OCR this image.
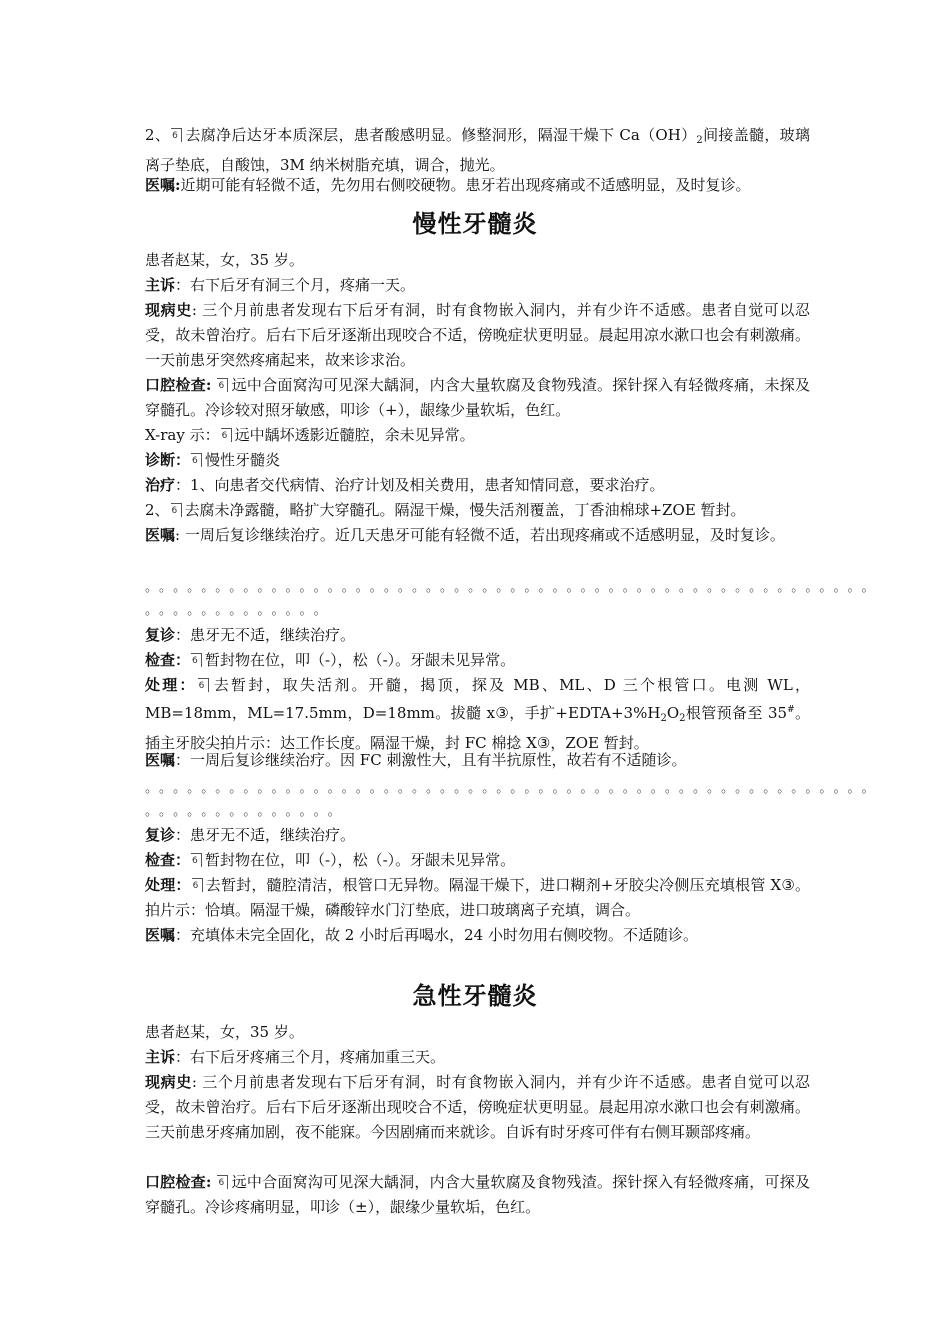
2、 6 去腐净后达牙本质深层，患者酸感明显。修整洞形，隔湿干燥下 $Ca(OH)_2$间接盖髓，玻璃离子垫底，自酸蚀，3M 纳米树脂充填，调合，抛光。

医嘱:近期可能有轻微不适，先勿用右侧咬硬物。患牙若出现疼痛或不适感明显，及时复诊。

慢性牙髓炎

患者赵某，女，35 岁。

主诉：右下后牙有洞三个月，疼痛一天。

现病史: 三个月前患者发现右下后牙有洞，时有食物嵌入洞内，并有少许不适感。患者自觉可以忍受，故未曾治疗。后右下后牙逐渐出现咬合不适，傍晚症状更明显。晨起用凉水漱口也会有刺激痛。一天前患牙突然疼痛起来，故来诊求治。

口腔检查: 6 远中合面窝沟可见深大龋洞，内含大量软腐及食物残渣。探针探入有轻微疼痛，未探及穿髓孔。冷诊较对照牙敏感，叩诊（+），龈缘少量软垢，色红。

X-ray 示： 6 远中龋坏透影近髓腔，余未见异常。

诊断： 6 慢性牙髓炎

治疗：1、向患者交代病情、治疗计划及相关费用，患者知情同意，要求治疗。

2、 6 去腐未净露髓，略扩大穿髓孔。隔湿干燥，慢失活剂覆盖，丁香油棉球+ZOE 暂封。

医嘱: 一周后复诊继续治疗。近几天患牙可能有轻微不适，若出现疼痛或不适感明显，及时复诊。

。。。。。。。。。。。。。。。。。。。。。。。。。。。。。。。。。。。。。。。。。。。。。。。。。。。。
。。。。。。。。。。。。。

复诊：患牙无不适，继续治疗。

检查： 6 暂封物在位，叩（-），松（-）。牙龈未见异常。

处理： 6 去暂封，取失活剂。开髓，揭顶，探及 MB、ML、D 三个根管口。电测 WL，MB=18mm，ML=17.5mm，D=18mm。拔髓 x③，手扩$+EDTA+3\%H_2O_2$根管预备至 35#。插主牙胶尖拍片示：达工作长度。隔湿干燥，封 FC 棉捻 X③，ZOE 暂封。

医嘱：一周后复诊继续治疗。因 FC 刺激性大，且有半抗原性，故若有不适随诊。

。。。。。。。。。。。。。。。。。。。。。。。。。。。。。。。。。。。。。。。。。。。。。。。。。。。。
。。。。。。。。。。。。。。

复诊：患牙无不适，继续治疗。

检查： 6 暂封物在位，叩（-），松（-）。牙龈未见异常。

处理： 6 去暂封，髓腔清洁，根管口无异物。隔湿干燥下，进口糊剂+牙胶尖冷侧压充填根管 X③。拍片示：恰填。隔湿干燥，磷酸锌水门汀垫底，进口玻璃离子充填，调合。

医嘱：充填体未完全固化，故 2 小时后再喝水，24 小时勿用右侧咬物。不适随诊。

急性牙髓炎

患者赵某，女，35 岁。

主诉：右下后牙疼痛三个月，疼痛加重三天。

现病史: 三个月前患者发现右下后牙有洞，时有食物嵌入洞内，并有少许不适感。患者自觉可以忍受，故未曾治疗。后右下后牙逐渐出现咬合不适，傍晚症状更明显。晨起用凉水漱口也会有刺激痛。三天前患牙疼痛加剧，夜不能寐。今因剧痛而来就诊。自诉有时牙疼可伴有右侧耳颞部疼痛。

口腔检查: 6 远中合面窝沟可见深大龋洞，内含大量软腐及食物残渣。探针探入有轻微疼痛，可探及穿髓孔。冷诊疼痛明显，叩诊（±），龈缘少量软垢，色红。
